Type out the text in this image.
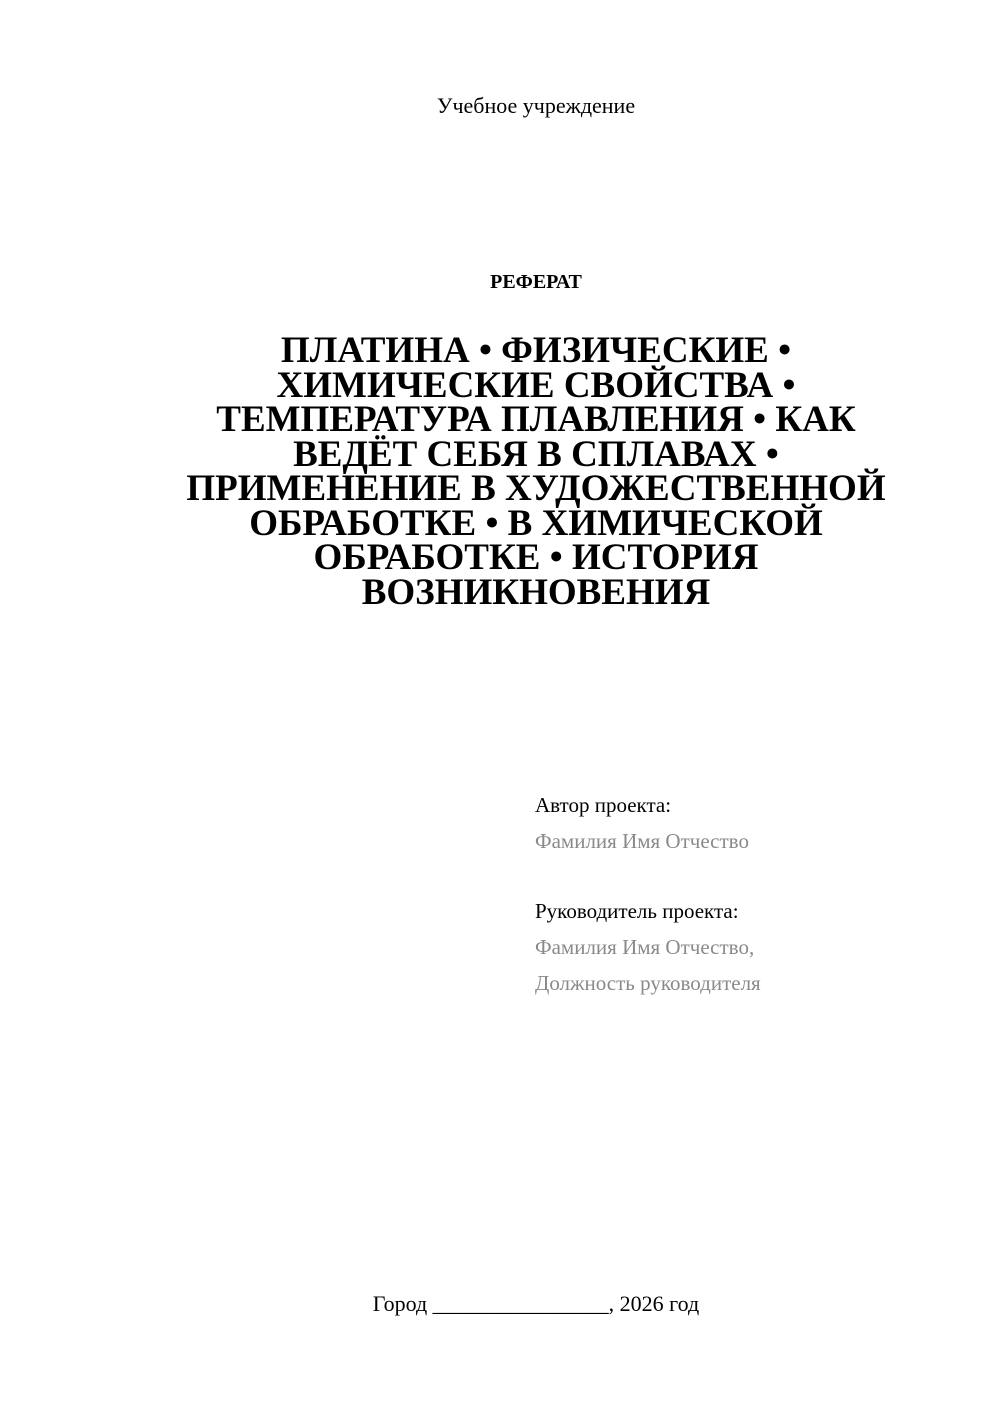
Учебное учреждение
РЕФЕРАТ
ПЛАТИНА • ФИЗИЧЕСКИЕ •
ХИМИЧЕСКИЕ СВОЙСТВА •
ТЕМПЕРАТУРА ПЛАВЛЕНИЯ • КАК
ВЕДЁТ СЕБЯ В СПЛАВАХ •
ПРИМЕНЕНИЕ В ХУДОЖЕСТВЕННОЙ
ОБРАБОТКЕ • В ХИМИЧЕСКОЙ
ОБРАБОТКЕ • ИСТОРИЯ
ВОЗНИКНОВЕНИЯ
Автор проекта:
Фамилия Имя Отчество
Руководитель проекта:
Фамилия Имя Отчество,
Должность руководителя
Город ________________, 2026 год
